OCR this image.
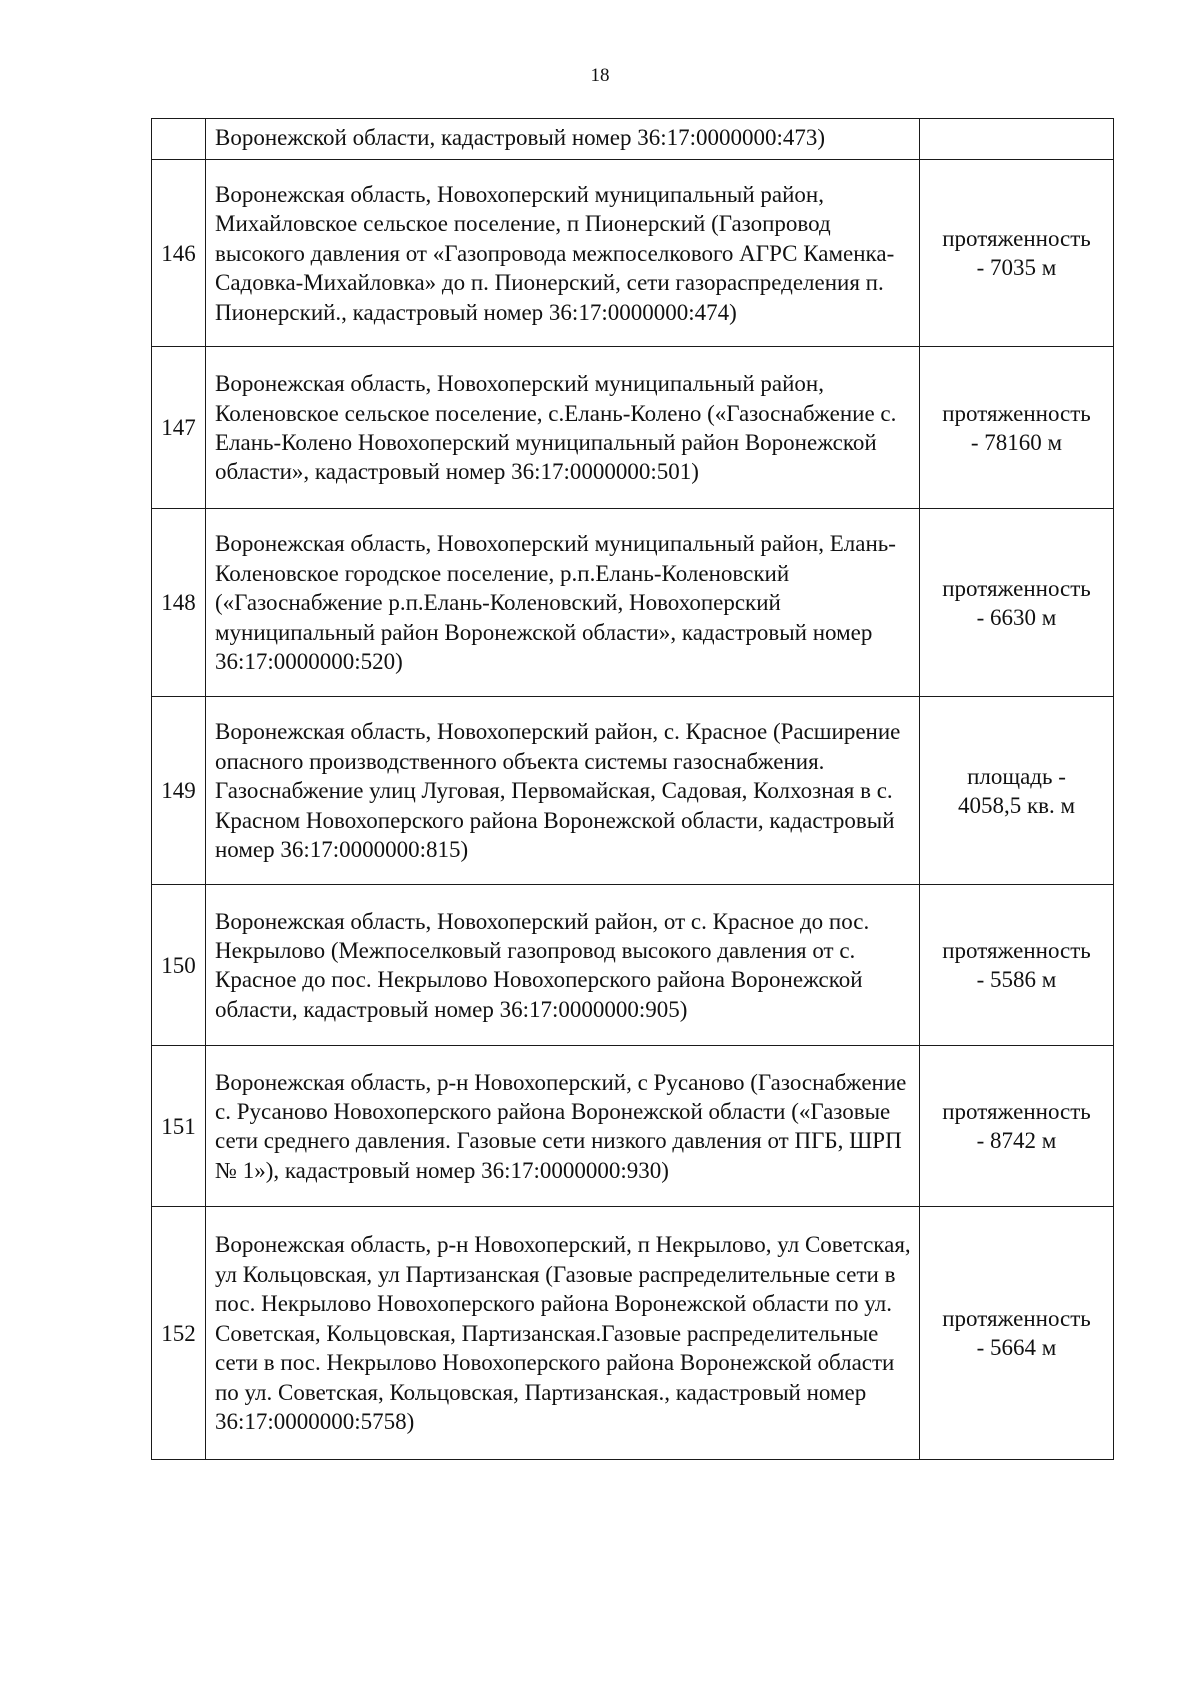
18
	Воронежской области, кадастровый номер 36:17:0000000:473)	
146	Воронежская область, Новохоперский муниципальный район, Михайловское сельское поселение, п Пионерский (Газопровод высокого давления от «Газопровода межпоселкового АГРС Каменка-Садовка-Михайловка» до п. Пионерский, сети газораспределения п. Пионерский., кадастровый номер 36:17:0000000:474)	протяженность
- 7035 м

147	Воронежская область, Новохоперский муниципальный район, Коленовское сельское поселение, с.Елань-Колено («Газоснабжение с. Елань-Колено Новохоперский муниципальный район Воронежской области», кадастровый номер 36:17:0000000:501)	протяженность
- 78160 м

148	Воронежская область, Новохоперский муниципальный район, Елань-Коленовское городское поселение, р.п.Елань-Коленовский («Газоснабжение р.п.Елань-Коленовский, Новохоперский муниципальный район Воронежской области», кадастровый номер 36:17:0000000:520)	протяженность
- 6630 м

149	Воронежская область, Новохоперский район, с. Красное (Расширение опасного производственного объекта системы газоснабжения. Газоснабжение улиц Луговая, Первомайская, Садовая, Колхозная в с. Красном Новохоперского района Воронежской области, кадастровый номер 36:17:0000000:815)	площадь -
4058,5 кв. м

150	Воронежская область, Новохоперский район, от с. Красное до пос. Некрылово (Межпоселковый газопровод высокого давления от с. Красное до пос. Некрылово Новохоперского района Воронежской области, кадастровый номер 36:17:0000000:905)	протяженность
- 5586 м

151	Воронежская область, р-н Новохоперский, с Русаново (Газоснабжение с. Русаново Новохоперского района Воронежской области («Газовые сети среднего давления. Газовые сети низкого давления от ПГБ, ШРП № 1»), кадастровый номер 36:17:0000000:930)	протяженность
- 8742 м

152	Воронежская область, р-н Новохоперский, п Некрылово, ул Советская, ул Кольцовская, ул Партизанская (Газовые распределительные сети в пос. Некрылово Новохоперского района Воронежской области по ул. Советская, Кольцовская, Партизанская.Газовые распределительные сети в пос. Некрылово Новохоперского района Воронежской области по ул. Советская, Кольцовская, Партизанская., кадастровый номер 36:17:0000000:5758)	протяженность
- 5664 м
